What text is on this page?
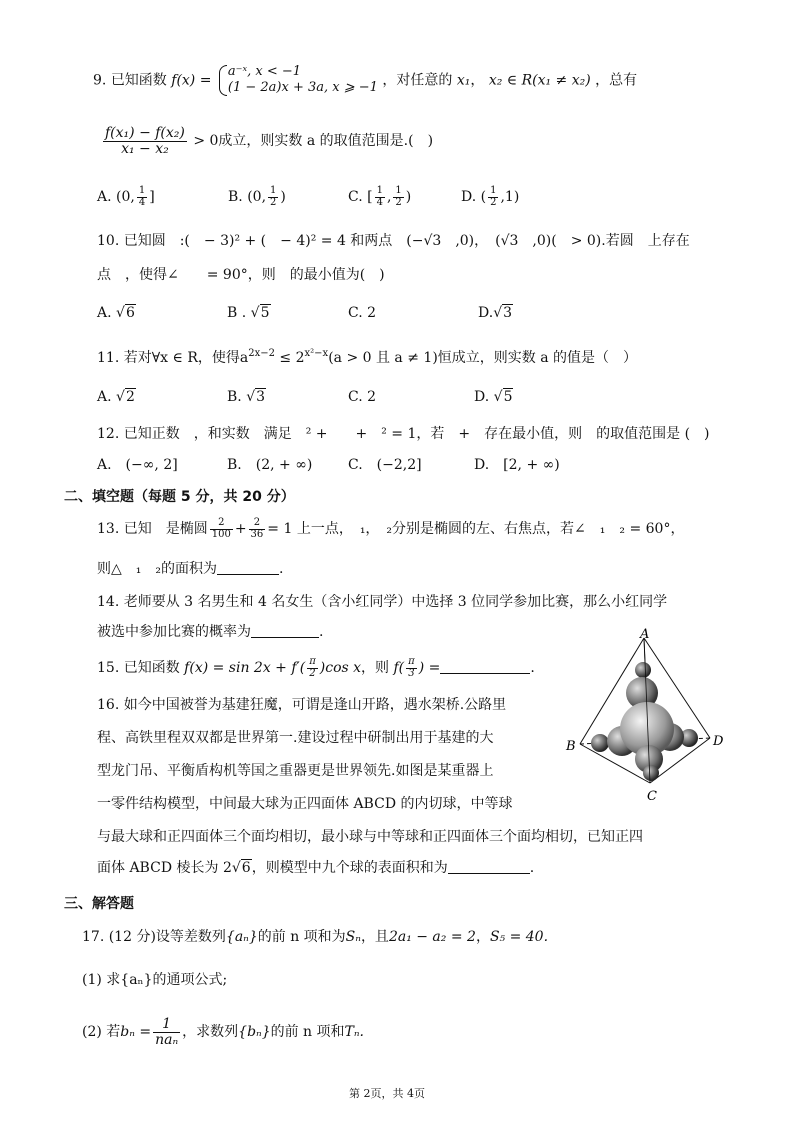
9. 已知函数 f(x) =
a⁻ˣ, x < −1
(1 − 2a)x + 3a, x ⩾ −1 ，对任意的 x₁， x₂ ∈ R(x₁ ≠ x₂) ，总有
$\frac{\text{f(x₁) − f(x₂)}}{\text{x₁ − x₂}} > 0$成立，则实数 a 的取值范围是.(　)
A. (0, $\frac{1}{4}$ ]	B. (0, $\frac{1}{2}$ )	C. [ $\frac{1}{4}$ , $\frac{1}{2}$ )	D. ( $\frac{1}{2} ,1$)
10. 已知圆　:(　− 3)² + (　− 4)² = 4 和两点　(−√3　,0)，　(√3　,0)(　> 0).若圆　上存在
点　，使得∠　　= 90°，则　的最小值为(　)
A. √6	B . √5	C. 2	D.√3
11. 若对∀x ∈ R，使得$a^{2x-2} \le 2^{x^2-x}(a > 0$ 且 a ≠ 1)恒成立，则实数 a 的值是（　）
A. √2	B. √3	C. 2	D. √5
12. 已知正数　，和实数　满足　² +　　+　² = 1，若　+　存在最小值，则　的取值范围是 (　)
A.　(−∞, 2]	B.　(2, + ∞)	C.　(−2,2]	D.　[2, + ∞)
二、填空题（每题 5 分，共 20 分）
13. 已知　是椭圆 $\frac{2}{100} + \frac{2}{36} = 1$ 上一点，　₁，　₂分别是椭圆的左、右焦点，若∠　₁　₂ = 60°，
则△　₁　₂的面积为	.
14. 老师要从 3 名男生和 4 名女生（含小红同学）中选择 3 位同学参加比赛，那么小红同学
被选中参加比赛的概率为	.
15. 已知函数 $f(x) = \sin 2x + f'( \frac{\pi}{2} )\cos$ x，则 $f( \frac{\pi}{3}$ ) =	.
16. 如今中国被誉为基建狂魔，可谓是逢山开路，遇水架桥.公路里
程、高铁里程双双都是世界第一.建设过程中研制出用于基建的大
型龙门吊、平衡盾构机等国之重器更是世界领先.如图是某重器上
一零件结构模型，中间最大球为正四面体 ABCD 的内切球，中等球
与最大球和正四面体三个面均相切，最小球与中等球和正四面体三个面均相切，已知正四
面体 ABCD 棱长为 2√6，则模型中九个球的表面积和为	.
A
B	D
C
三、解答题
17. (12 分)设等差数列{aₙ}的前 n 项和为Sₙ，且2a₁ − a₂ = 2，S₅ = 40.
(1) 求{aₙ}的通项公式;
(2) 若$b_n = \frac{1}{\text{naₙ}}$ ，求数列{bₙ}的前 n 项和Tₙ.
第 2页，共 4页
